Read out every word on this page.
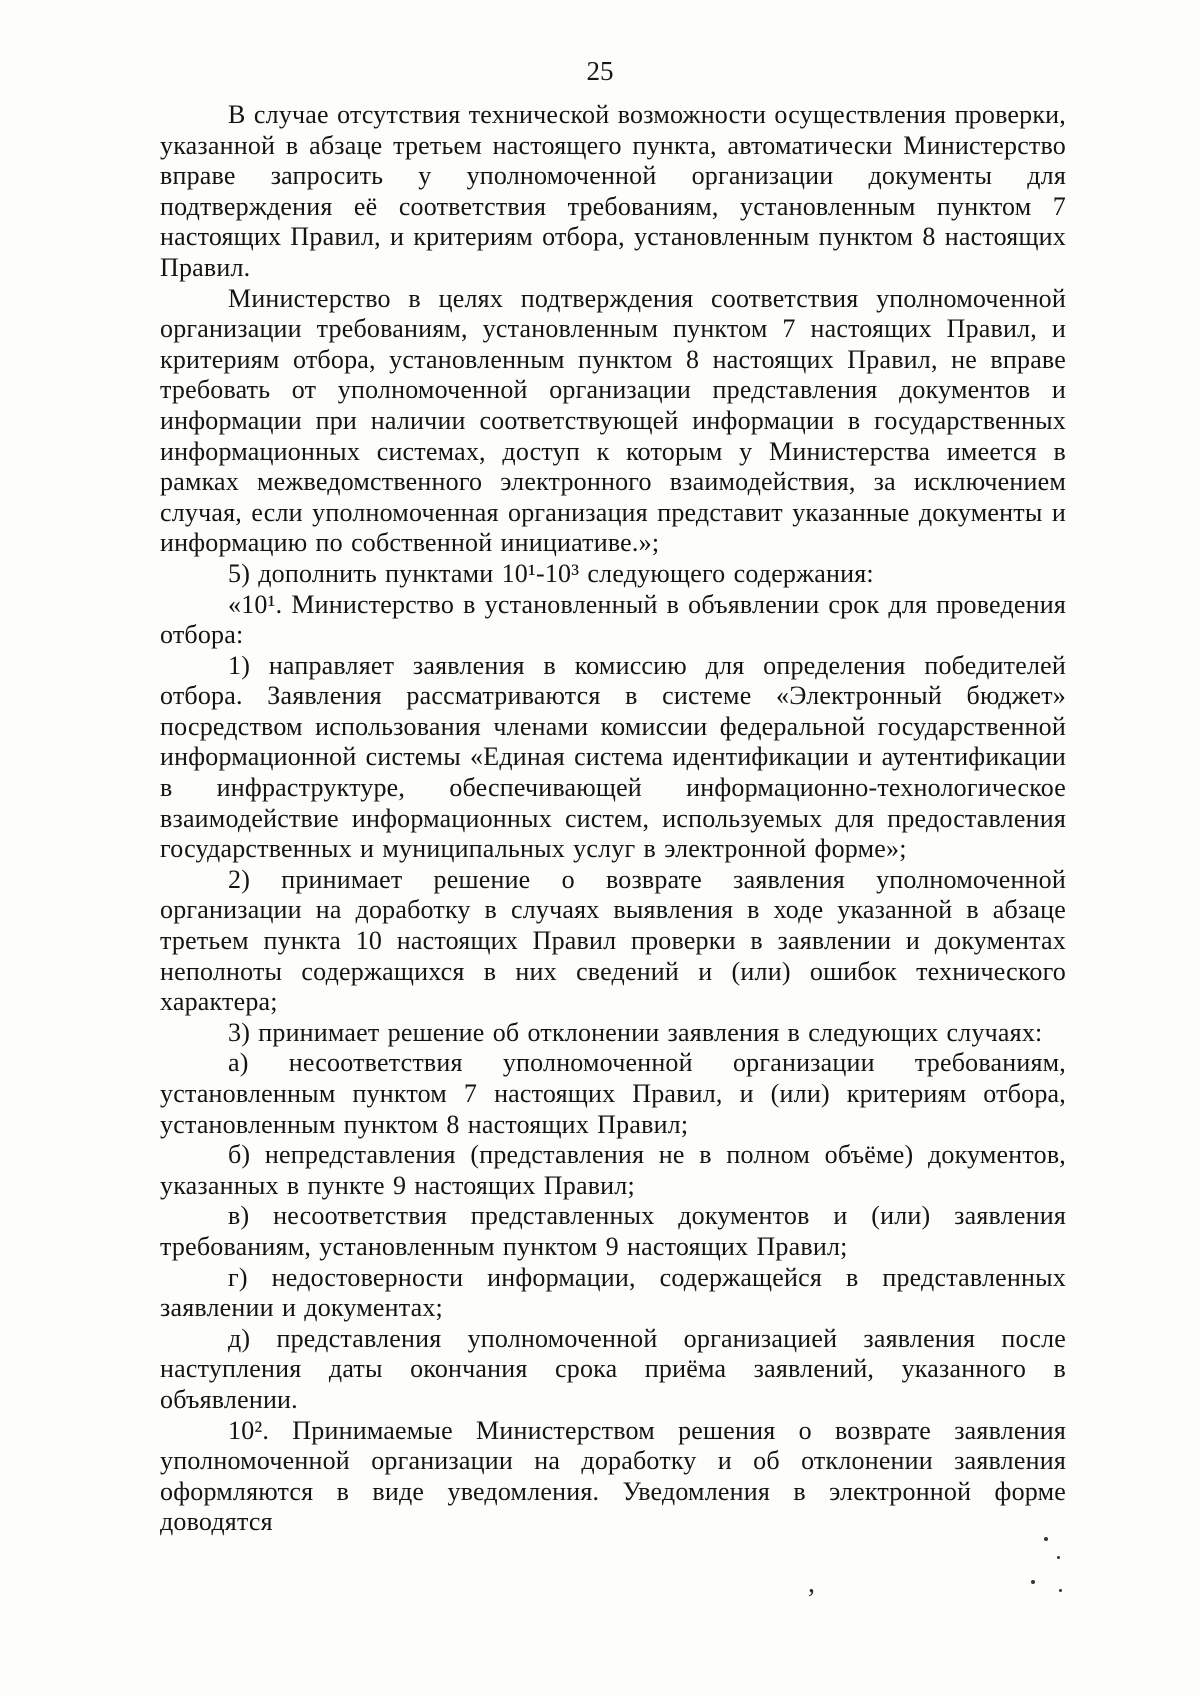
25

В случае отсутствия технической возможности осуществления проверки, указанной в абзаце третьем настоящего пункта, автоматически Министерство вправе запросить у уполномоченной организации документы для подтверждения её соответствия требованиям, установленным пунктом 7 настоящих Правил, и критериям отбора, установленным пунктом 8 настоящих Правил.

Министерство в целях подтверждения соответствия уполномоченной организации требованиям, установленным пунктом 7 настоящих Правил, и критериям отбора, установленным пунктом 8 настоящих Правил, не вправе требовать от уполномоченной организации представления документов и информации при наличии соответствующей информации в государственных информационных системах, доступ к которым у Министерства имеется в рамках межведомственного электронного взаимодействия, за исключением случая, если уполномоченная организация представит указанные документы и информацию по собственной инициативе.»;

5) дополнить пунктами 10¹-10³ следующего содержания:

«10¹. Министерство в установленный в объявлении срок для проведения отбора:

1) направляет заявления в комиссию для определения победителей отбора. Заявления рассматриваются в системе «Электронный бюджет» посредством использования членами комиссии федеральной государственной информационной системы «Единая система идентификации и аутентификации в инфраструктуре, обеспечивающей информационно-технологическое взаимодействие информационных систем, используемых для предоставления государственных и муниципальных услуг в электронной форме»;

2) принимает решение о возврате заявления уполномоченной организации на доработку в случаях выявления в ходе указанной в абзаце третьем пункта 10 настоящих Правил проверки в заявлении и документах неполноты содержащихся в них сведений и (или) ошибок технического характера;

3) принимает решение об отклонении заявления в следующих случаях:

а) несоответствия уполномоченной организации требованиям, установленным пунктом 7 настоящих Правил, и (или) критериям отбора, установленным пунктом 8 настоящих Правил;

б) непредставления (представления не в полном объёме) документов, указанных в пункте 9 настоящих Правил;

в) несоответствия представленных документов и (или) заявления требованиям, установленным пунктом 9 настоящих Правил;

г) недостоверности информации, содержащейся в представленных заявлении и документах;

д) представления уполномоченной организацией заявления после наступления даты окончания срока приёма заявлений, указанного в объявлении.

10². Принимаемые Министерством решения о возврате заявления уполномоченной организации на доработку и об отклонении заявления оформляются в виде уведомления. Уведомления в электронной форме доводятся

,
